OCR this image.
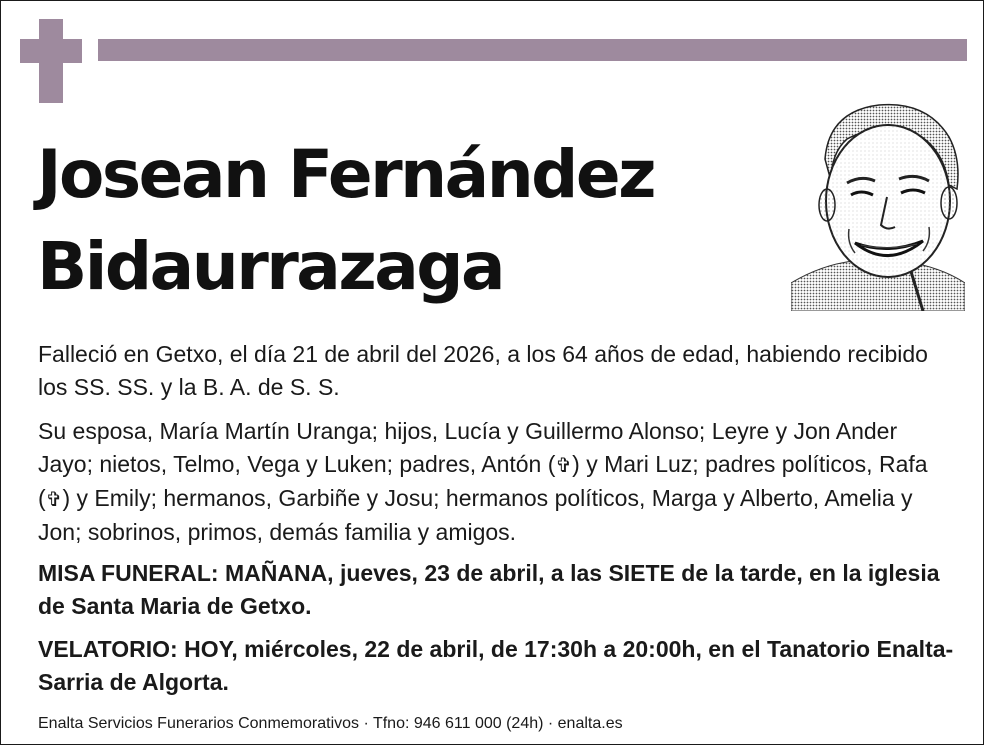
Josean Fernández
Bidaurrazaga

Falleció en Getxo, el día 21 de abril del 2026, a los 64 años de edad, habiendo recibido los SS. SS. y la B. A. de S. S.

Su esposa, María Martín Uranga; hijos, Lucía y Guillermo Alonso; Leyre y Jon Ander Jayo; nietos, Telmo, Vega y Luken; padres, Antón (✞) y Mari Luz; padres políticos, Rafa (✞) y Emily; hermanos, Garbiñe y Josu; hermanos políticos, Marga y Alberto, Amelia y Jon; sobrinos, primos, demás familia y amigos.

MISA FUNERAL: MAÑANA, jueves, 23 de abril, a las SIETE de la tarde, en la iglesia de Santa Maria de Getxo.

VELATORIO: HOY, miércoles, 22 de abril, de 17:30h a 20:00h, en el Tanatorio Enalta-Sarria de Algorta.

Enalta Servicios Funerarios Conmemorativos · Tfno: 946 611 000 (24h) · enalta.es
